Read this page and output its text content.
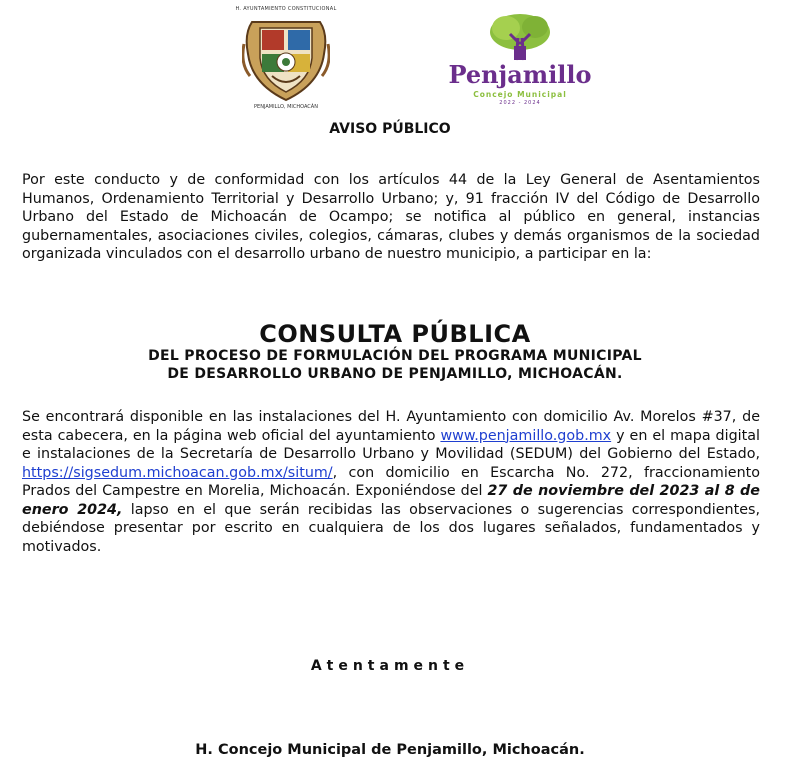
H. AYUNTAMIENTO CONSTITUCIONAL
PENJAMILLO, MICHOACÁN
Penjamillo
Concejo Municipal
2022 - 2024
AVISO PÚBLICO
Por este conducto y de conformidad con los artículos 44 de la Ley General de Asentamientos Humanos, Ordenamiento Territorial y Desarrollo Urbano; y, 91 fracción IV del Código de Desarrollo Urbano del Estado de Michoacán de Ocampo; se notifica al público en general, instancias gubernamentales, asociaciones civiles, colegios, cámaras, clubes y demás organismos de la sociedad organizada vinculados con el desarrollo urbano de nuestro municipio, a participar en la:
CONSULTA PÚBLICA
DEL PROCESO DE FORMULACIÓN DEL PROGRAMA MUNICIPAL
DE DESARROLLO URBANO DE PENJAMILLO, MICHOACÁN.
Se encontrará disponible en las instalaciones del H. Ayuntamiento con domicilio Av. Morelos #37, de esta cabecera, en la página web oficial del ayuntamiento www.penjamillo.gob.mx y en el mapa digital e instalaciones de la Secretaría de Desarrollo Urbano y Movilidad (SEDUM) del Gobierno del Estado, https://sigsedum.michoacan.gob.mx/situm/, con domicilio en Escarcha No. 272, fraccionamiento Prados del Campestre en Morelia, Michoacán. Exponiéndose del 27 de noviembre del 2023 al 8 de enero 2024, lapso en el que serán recibidas las observaciones o sugerencias correspondientes, debiéndose presentar por escrito en cualquiera de los dos lugares señalados, fundamentados y motivados.
Atentamente
H. Concejo Municipal de Penjamillo, Michoacán.
